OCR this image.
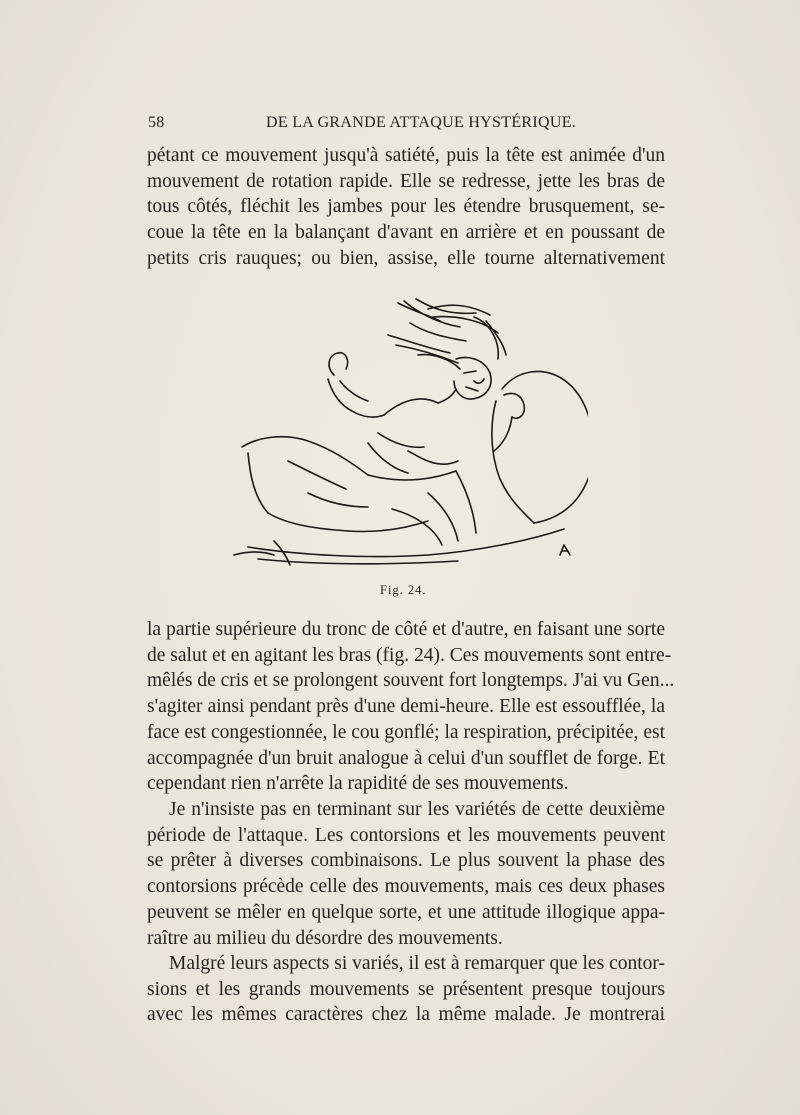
58	DE LA GRANDE ATTAQUE HYSTÉRIQUE.
pétant ce mouvement jusqu'à satiété, puis la tête est animée d'un
mouvement de rotation rapide. Elle se redresse, jette les bras de
tous côtés, fléchit les jambes pour les étendre brusquement, se-
coue la tête en la balançant d'avant en arrière et en poussant de
petits cris rauques; ou bien, assise, elle tourne alternativement
Fig. 24.
la partie supérieure du tronc de côté et d'autre, en faisant une sorte
de salut et en agitant les bras (fig. 24). Ces mouvements sont entre-
mêlés de cris et se prolongent souvent fort longtemps. J'ai vu Gen...
s'agiter ainsi pendant près d'une demi-heure. Elle est essoufflée, la
face est congestionnée, le cou gonflé; la respiration, précipitée, est
accompagnée d'un bruit analogue à celui d'un soufflet de forge. Et
cependant rien n'arrête la rapidité de ses mouvements.
Je n'insiste pas en terminant sur les variétés de cette deuxième
période de l'attaque. Les contorsions et les mouvements peuvent
se prêter à diverses combinaisons. Le plus souvent la phase des
contorsions précède celle des mouvements, mais ces deux phases
peuvent se mêler en quelque sorte, et une attitude illogique appa-
raître au milieu du désordre des mouvements.
Malgré leurs aspects si variés, il est à remarquer que les contor-
sions et les grands mouvements se présentent presque toujours
avec les mêmes caractères chez la même malade. Je montrerai
